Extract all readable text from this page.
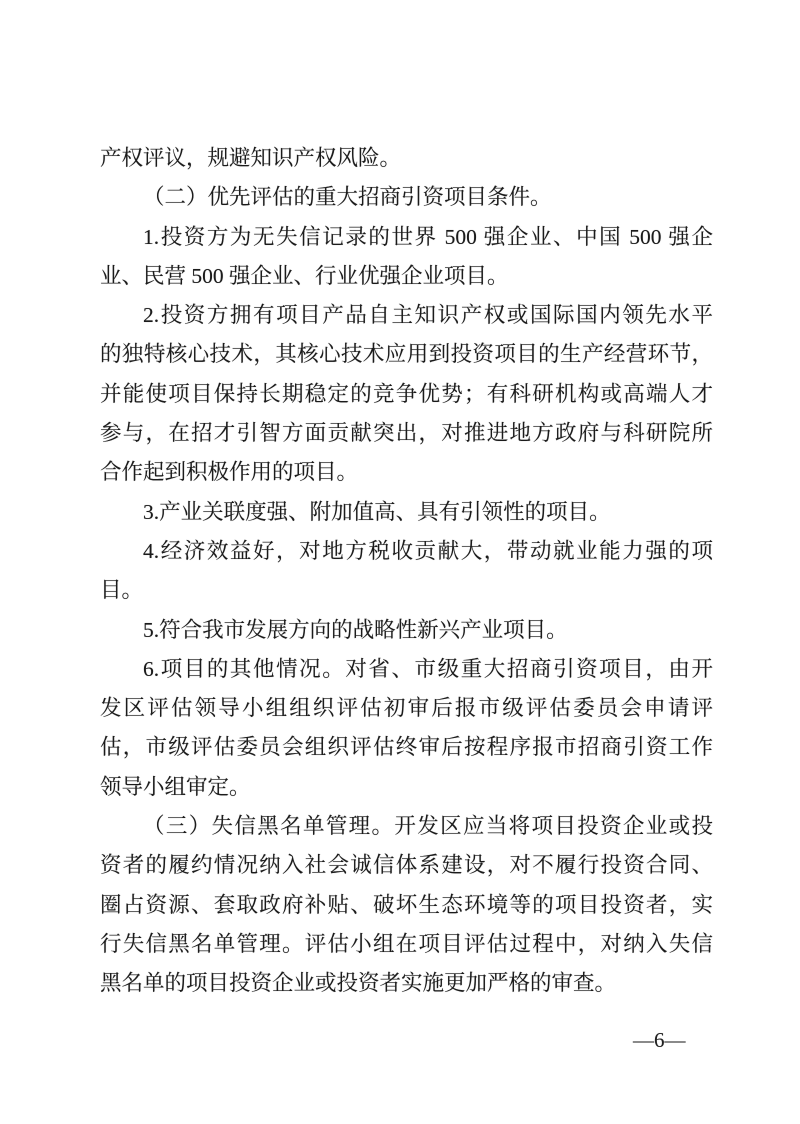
产权评议，规避知识产权风险。
（二）优先评估的重大招商引资项目条件。
1.投资方为无失信记录的世界 500 强企业、中国 500 强企
业、民营 500 强企业、行业优强企业项目。
2.投资方拥有项目产品自主知识产权或国际国内领先水平
的独特核心技术，其核心技术应用到投资项目的生产经营环节，
并能使项目保持长期稳定的竞争优势；有科研机构或高端人才
参与，在招才引智方面贡献突出，对推进地方政府与科研院所
合作起到积极作用的项目。
3.产业关联度强、附加值高、具有引领性的项目。
4.经济效益好，对地方税收贡献大，带动就业能力强的项
目。
5.符合我市发展方向的战略性新兴产业项目。
6.项目的其他情况。对省、市级重大招商引资项目，由开
发区评估领导小组组织评估初审后报市级评估委员会申请评
估，市级评估委员会组织评估终审后按程序报市招商引资工作
领导小组审定。
（三）失信黑名单管理。开发区应当将项目投资企业或投
资者的履约情况纳入社会诚信体系建设，对不履行投资合同、
圈占资源、套取政府补贴、破坏生态环境等的项目投资者，实
行失信黑名单管理。评估小组在项目评估过程中，对纳入失信
黑名单的项目投资企业或投资者实施更加严格的审查。
—6—
